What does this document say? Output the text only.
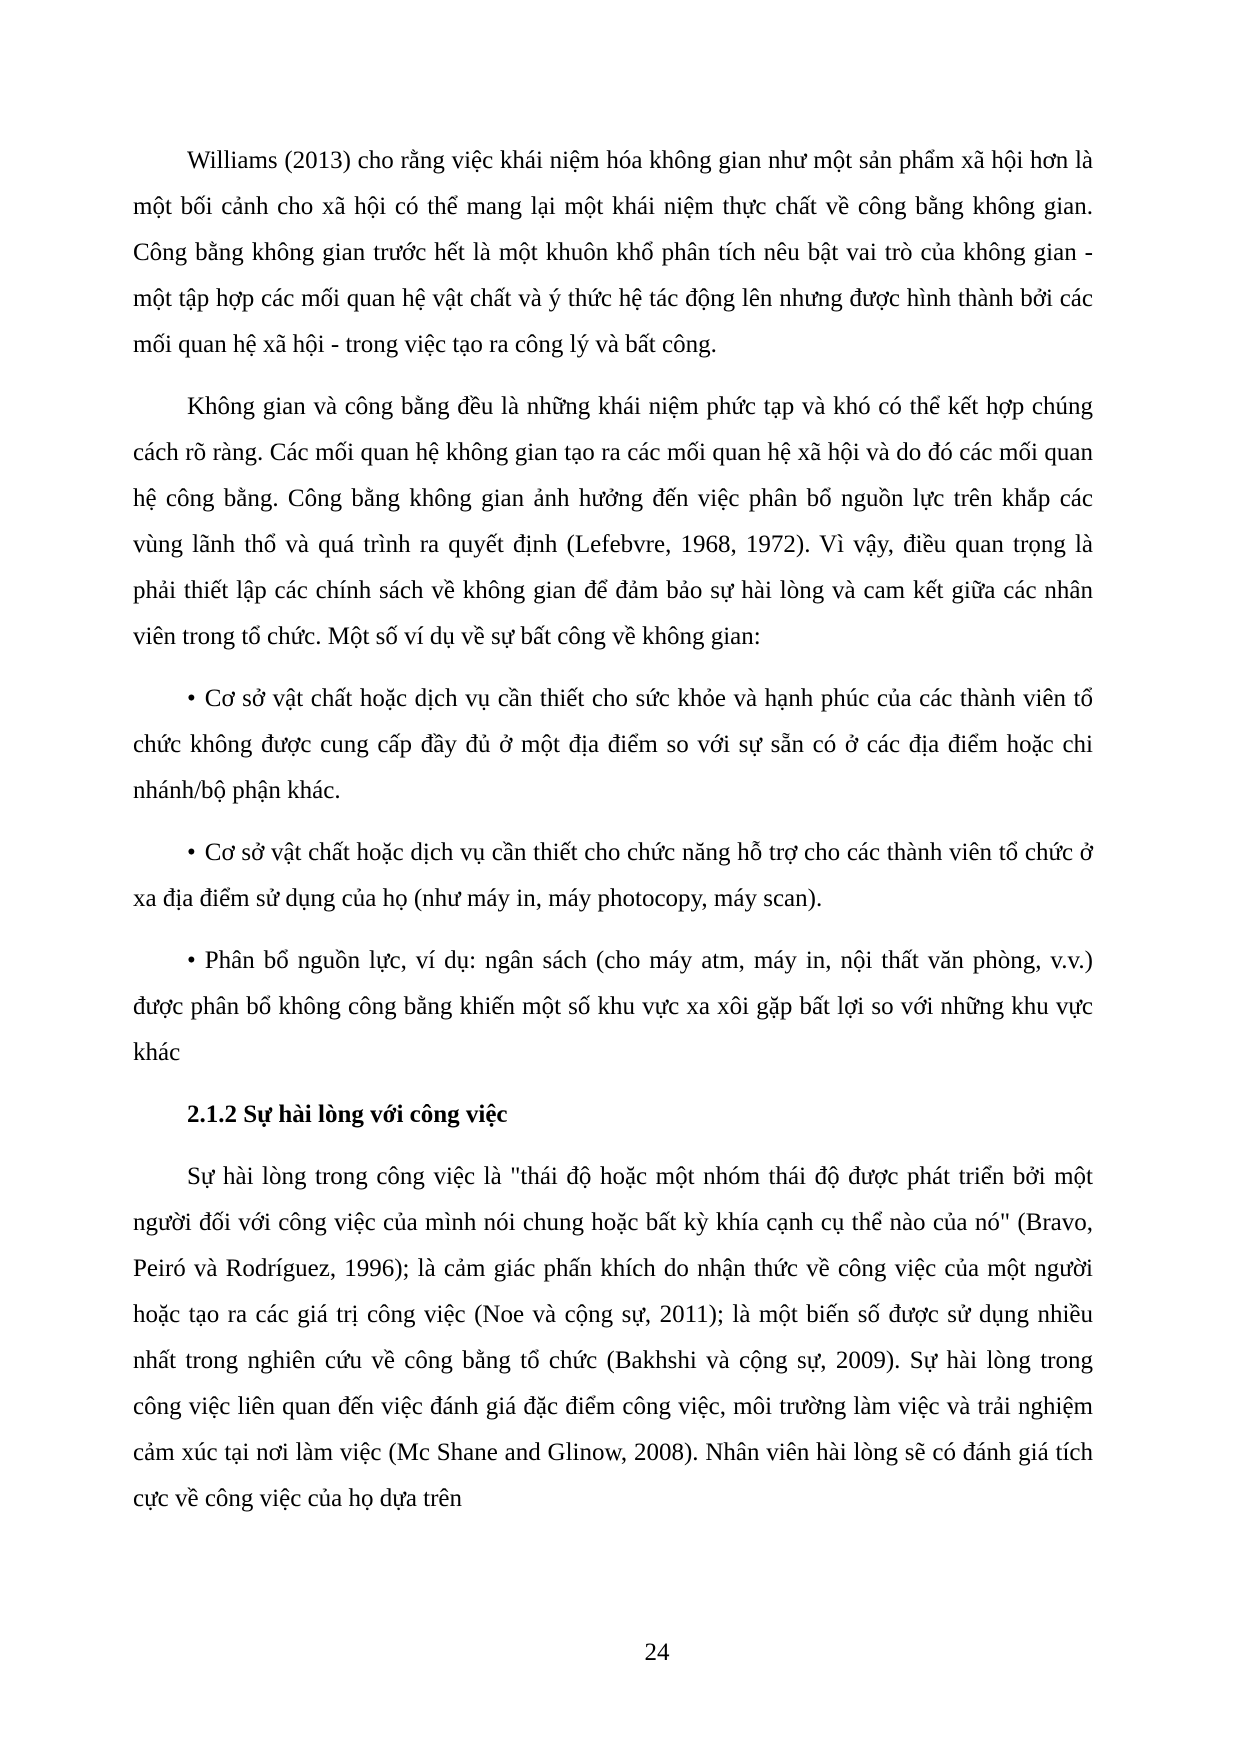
Williams (2013) cho rằng việc khái niệm hóa không gian như một sản phẩm xã hội hơn là một bối cảnh cho xã hội có thể mang lại một khái niệm thực chất về công bằng không gian. Công bằng không gian trước hết là một khuôn khổ phân tích nêu bật vai trò của không gian - một tập hợp các mối quan hệ vật chất và ý thức hệ tác động lên nhưng được hình thành bởi các mối quan hệ xã hội - trong việc tạo ra công lý và bất công.

Không gian và công bằng đều là những khái niệm phức tạp và khó có thể kết hợp chúng cách rõ ràng. Các mối quan hệ không gian tạo ra các mối quan hệ xã hội và do đó các mối quan hệ công bằng. Công bằng không gian ảnh hưởng đến việc phân bổ nguồn lực trên khắp các vùng lãnh thổ và quá trình ra quyết định (Lefebvre, 1968, 1972). Vì vậy, điều quan trọng là phải thiết lập các chính sách về không gian để đảm bảo sự hài lòng và cam kết giữa các nhân viên trong tổ chức. Một số ví dụ về sự bất công về không gian:

• Cơ sở vật chất hoặc dịch vụ cần thiết cho sức khỏe và hạnh phúc của các thành viên tổ chức không được cung cấp đầy đủ ở một địa điểm so với sự sẵn có ở các địa điểm hoặc chi nhánh/bộ phận khác.

• Cơ sở vật chất hoặc dịch vụ cần thiết cho chức năng hỗ trợ cho các thành viên tổ chức ở xa địa điểm sử dụng của họ (như máy in, máy photocopy, máy scan).

• Phân bổ nguồn lực, ví dụ: ngân sách (cho máy atm, máy in, nội thất văn phòng, v.v.) được phân bổ không công bằng khiến một số khu vực xa xôi gặp bất lợi so với những khu vực khác

2.1.2 Sự hài lòng với công việc

Sự hài lòng trong công việc là "thái độ hoặc một nhóm thái độ được phát triển bởi một người đối với công việc của mình nói chung hoặc bất kỳ khía cạnh cụ thể nào của nó" (Bravo, Peiró và Rodríguez, 1996); là cảm giác phấn khích do nhận thức về công việc của một người hoặc tạo ra các giá trị công việc (Noe và cộng sự, 2011); là một biến số được sử dụng nhiều nhất trong nghiên cứu về công bằng tổ chức (Bakhshi và cộng sự, 2009). Sự hài lòng trong công việc liên quan đến việc đánh giá đặc điểm công việc, môi trường làm việc và trải nghiệm cảm xúc tại nơi làm việc (Mc Shane and Glinow, 2008). Nhân viên hài lòng sẽ có đánh giá tích cực về công việc của họ dựa trên

24
